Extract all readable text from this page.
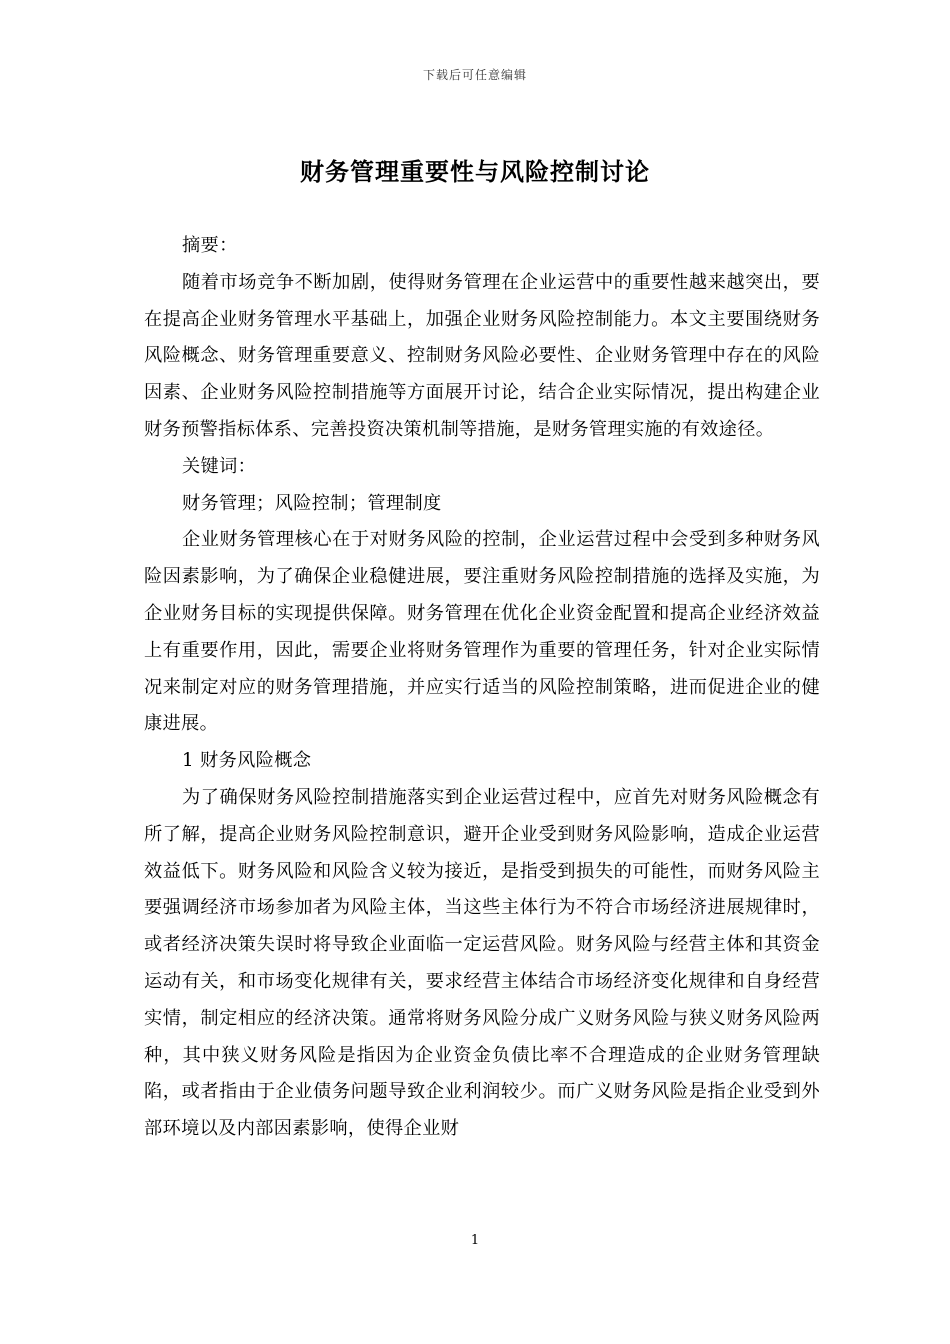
下载后可任意编辑
财务管理重要性与风险控制讨论

摘要：

随着市场竞争不断加剧，使得财务管理在企业运营中的重要性越来越突出，要在提高企业财务管理水平基础上，加强企业财务风险控制能力。本文主要围绕财务风险概念、财务管理重要意义、控制财务风险必要性、企业财务管理中存在的风险因素、企业财务风险控制措施等方面展开讨论，结合企业实际情况，提出构建企业财务预警指标体系、完善投资决策机制等措施，是财务管理实施的有效途径。

关键词：

财务管理；风险控制；管理制度

企业财务管理核心在于对财务风险的控制，企业运营过程中会受到多种财务风险因素影响，为了确保企业稳健进展，要注重财务风险控制措施的选择及实施，为企业财务目标的实现提供保障。财务管理在优化企业资金配置和提高企业经济效益上有重要作用，因此，需要企业将财务管理作为重要的管理任务，针对企业实际情况来制定对应的财务管理措施，并应实行适当的风险控制策略，进而促进企业的健康进展。

1 财务风险概念

为了确保财务风险控制措施落实到企业运营过程中，应首先对财务风险概念有所了解，提高企业财务风险控制意识，避开企业受到财务风险影响，造成企业运营效益低下。财务风险和风险含义较为接近，是指受到损失的可能性，而财务风险主要强调经济市场参加者为风险主体，当这些主体行为不符合市场经济进展规律时，或者经济决策失误时将导致企业面临一定运营风险。财务风险与经营主体和其资金运动有关，和市场变化规律有关，要求经营主体结合市场经济变化规律和自身经营实情，制定相应的经济决策。通常将财务风险分成广义财务风险与狭义财务风险两种，其中狭义财务风险是指因为企业资金负债比率不合理造成的企业财务管理缺陷，或者指由于企业债务问题导致企业利润较少。而广义财务风险是指企业受到外部环境以及内部因素影响，使得企业财

1
